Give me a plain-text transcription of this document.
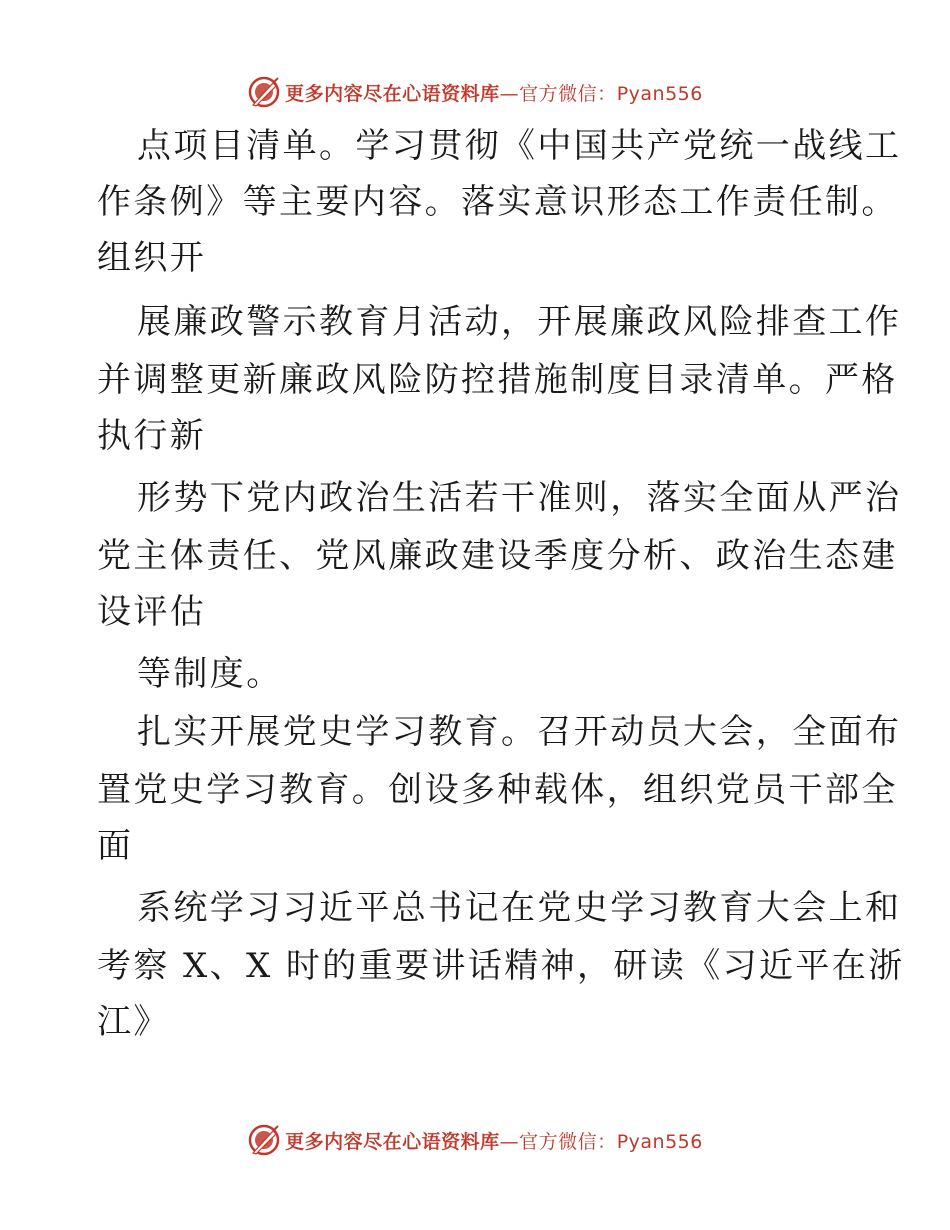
更多内容尽在心语资料库—官方微信：Pyan556
点项目清单。学习贯彻《中国共产党统一战线工
作条例》等主要内容。落实意识形态工作责任制。
组织开
展廉政警示教育月活动，开展廉政风险排查工作
并调整更新廉政风险防控措施制度目录清单。严格
执行新
形势下党内政治生活若干准则，落实全面从严治
党主体责任、党风廉政建设季度分析、政治生态建
设评估
等制度。
扎实开展党史学习教育。召开动员大会，全面布
置党史学习教育。创设多种载体，组织党员干部全
面
系统学习习近平总书记在党史学习教育大会上和
考察 X、X 时的重要讲话精神，研读《习近平在浙
江》
更多内容尽在心语资料库—官方微信：Pyan556
